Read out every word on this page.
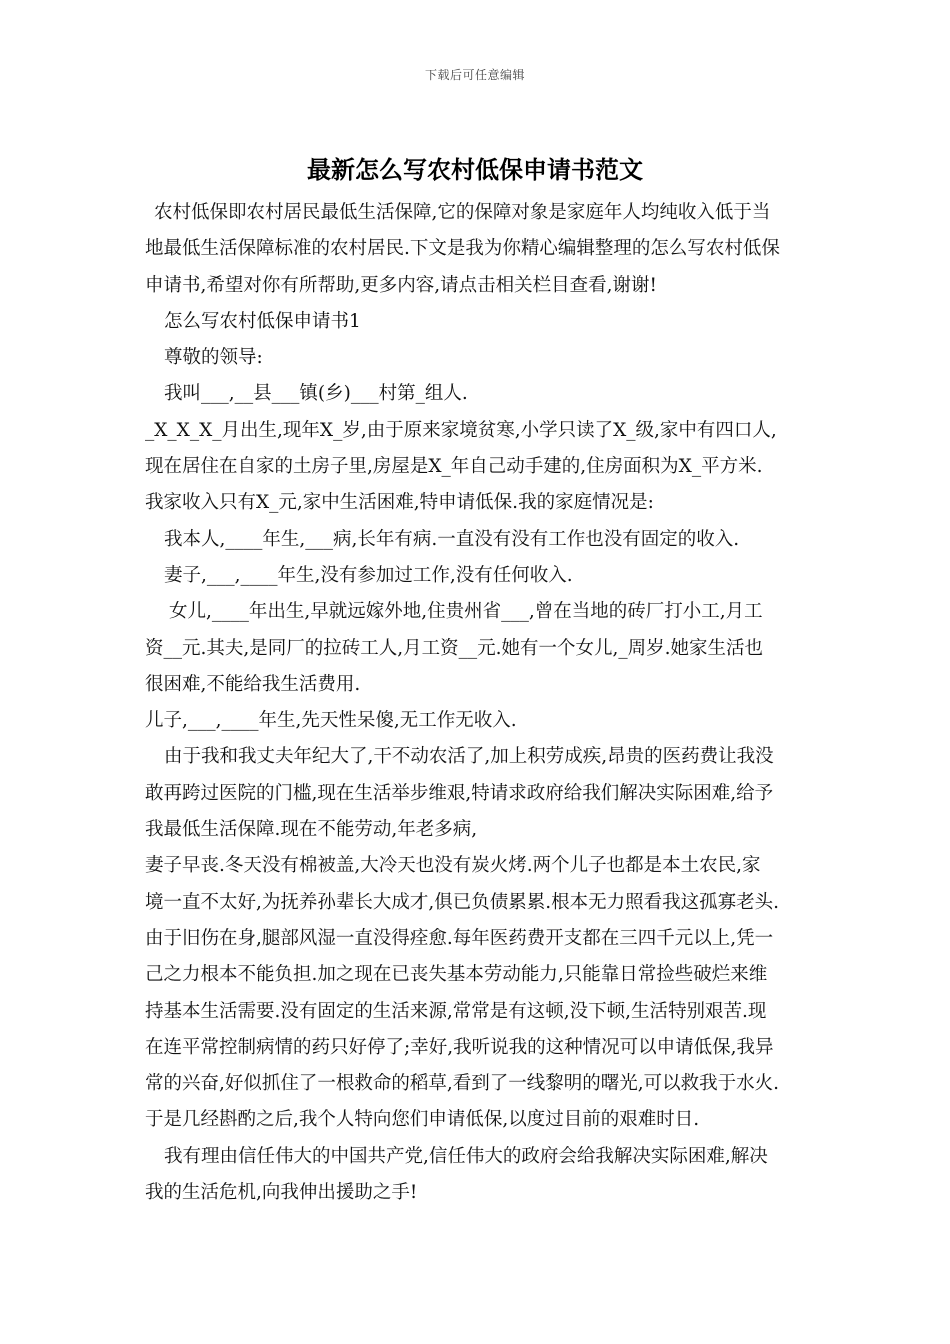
下载后可任意编辑
最新怎么写农村低保申请书范文
农村低保即农村居民最低生活保障,它的保障对象是家庭年人均纯收入低于当
地最低生活保障标准的农村居民.下文是我为你精心编辑整理的怎么写农村低保
申请书,希望对你有所帮助,更多内容,请点击相关栏目查看,谢谢!
怎么写农村低保申请书1
尊敬的领导:
我叫___,__县___镇(乡)___村第_组人.
_X_X_X_月出生,现年X_岁,由于原来家境贫寒,小学只读了X_级,家中有四口人,
现在居住在自家的土房子里,房屋是X_年自己动手建的,住房面积为X_平方米.
我家收入只有X_元,家中生活困难,特申请低保.我的家庭情况是:
我本人,____年生,___病,长年有病.一直没有没有工作也没有固定的收入.
妻子,___,____年生,没有参加过工作,没有任何收入.
女儿,____年出生,早就远嫁外地,住贵州省___,曾在当地的砖厂打小工,月工
资__元.其夫,是同厂的拉砖工人,月工资__元.她有一个女儿,_周岁.她家生活也
很困难,不能给我生活费用.
儿子,___,____年生,先天性呆傻,无工作无收入.
由于我和我丈夫年纪大了,干不动农活了,加上积劳成疾,昂贵的医药费让我没
敢再跨过医院的门槛,现在生活举步维艰,特请求政府给我们解决实际困难,给予
我最低生活保障.现在不能劳动,年老多病,
妻子早丧.冬天没有棉被盖,大冷天也没有炭火烤.两个儿子也都是本土农民,家
境一直不太好,为抚养孙辈长大成才,俱已负债累累.根本无力照看我这孤寡老头.
由于旧伤在身,腿部风湿一直没得痊愈.每年医药费开支都在三四千元以上,凭一
己之力根本不能负担.加之现在已丧失基本劳动能力,只能靠日常捡些破烂来维
持基本生活需要.没有固定的生活来源,常常是有这顿,没下顿,生活特别艰苦.现
在连平常控制病情的药只好停了;幸好,我听说我的这种情况可以申请低保,我异
常的兴奋,好似抓住了一根救命的稻草,看到了一线黎明的曙光,可以救我于水火.
于是几经斟酌之后,我个人特向您们申请低保,以度过目前的艰难时日.
我有理由信任伟大的中国共产党,信任伟大的政府会给我解决实际困难,解决
我的生活危机,向我伸出援助之手!
